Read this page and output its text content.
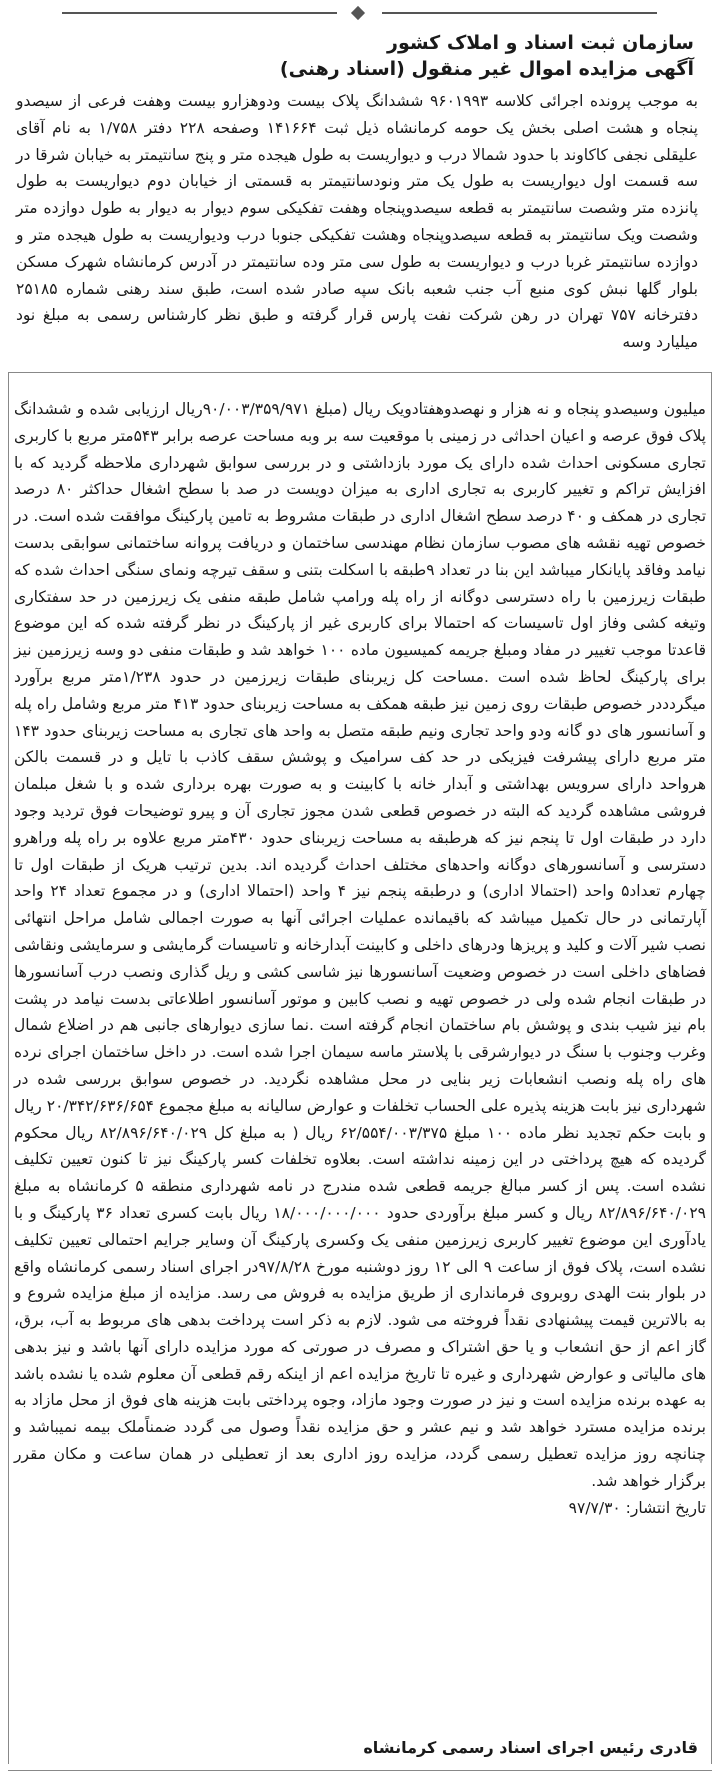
سازمان ثبت اسناد و املاک کشور
آگهی مزایده اموال غیر منقول (اسناد رهنی)

به موجب پرونده اجرائی کلاسه ۹۶۰۱۹۹۳ ششدانگ پلاک بیست ودوهزارو بیست وهفت فرعی از سیصدو پنجاه و هشت اصلی بخش یک حومه کرمانشاه ذیل ثبت ۱۴۱۶۶۴ وصفحه ۲۲۸ دفتر ۱/۷۵۸ به نام آقای علیقلی نجفی کاکاوند با حدود شمالا درب و دیواریست به طول هیجده متر و پنج سانتیمتر به خیابان شرقا در سه قسمت اول دیواریست به طول یک متر ونودسانتیمتر به قسمتی از خیابان دوم دیواریست به طول پانزده متر وشصت سانتیمتر به قطعه سیصدوپنجاه وهفت تفکیکی سوم دیوار به دیوار به طول دوازده متر وشصت ویک سانتیمتر به قطعه سیصدوپنجاه وهشت تفکیکی جنوبا درب ودیواریست به طول هیجده متر و دوازده سانتیمتر غربا درب و دیواریست به طول سی متر وده سانتیمتر در آدرس کرمانشاه شهرک مسکن بلوار گلها نبش کوی منبع آب جنب شعبه بانک سپه صادر شده است، طبق سند رهنی شماره ۲۵۱۸۵ دفترخانه ۷۵۷ تهران در رهن شرکت نفت پارس قرار گرفته و طبق نظر کارشناس رسمی به مبلغ نود میلیارد وسه

میلیون وسیصدو پنجاه و نه هزار و نهصدوهفتادویک ریال (مبلغ ۹۰/۰۰۳/۳۵۹/۹۷۱ریال ارزیابی شده و ششدانگ پلاک فوق عرصه و اعیان احداثی در زمینی با موقعیت سه بر وبه مساحت عرصه برابر ۵۴۳متر مربع با کاربری تجاری مسکونی احداث شده دارای یک مورد بازداشتی و در بررسی سوابق شهرداری ملاحظه گردید که با افزایش تراکم و تغییر کاربری به تجاری اداری به میزان دویست در صد با سطح اشغال حداکثر ۸۰ درصد تجاری در همکف و ۴۰ درصد سطح اشغال اداری در طبقات مشروط به تامین پارکینگ موافقت شده است. در خصوص تهیه نقشه های مصوب سازمان نظام مهندسی ساختمان و دریافت پروانه ساختمانی سوابقی بدست نیامد وفاقد پایانکار میباشد این بنا در تعداد ۹طبقه با اسکلت بتنی و سقف تیرچه ونمای سنگی احداث شده که طبقات زیرزمین با راه دسترسی دوگانه از راه پله ورامپ شامل طبقه منفی یک زیرزمین در حد سفتکاری وتیغه کشی وفاز اول تاسیسات که احتمالا برای کاربری غیر از پارکینگ در نظر گرفته شده که این موضوع قاعدتا موجب تغییر در مفاد ومبلغ جریمه کمیسیون ماده ۱۰۰ خواهد شد و طبقات منفی دو وسه زیرزمین نیز برای پارکینگ لحاظ شده است .مساحت کل زیربنای طبقات زیرزمین در حدود ۱/۲۳۸متر مربع برآورد میگردددر خصوص طبقات روی زمین نیز طبقه همکف به مساحت زیربنای حدود ۴۱۳ متر مربع وشامل راه پله و آسانسور های دو گانه ودو واحد تجاری ونیم طبقه متصل به واحد های تجاری به مساحت زیربنای حدود ۱۴۳ متر مربع دارای پیشرفت فیزیکی در حد کف سرامیک و پوشش سقف کاذب با تایل و در قسمت بالکن هرواحد دارای سرویس بهداشتی و آبدار خانه با کابینت و به صورت بهره برداری شده و با شغل مبلمان فروشی مشاهده گردید که البته در خصوص قطعی شدن مجوز تجاری آن و پیرو توضیحات فوق تردید وجود دارد در طبقات اول تا پنجم نیز که هرطبقه به مساحت زیربنای حدود ۴۳۰متر مربع علاوه بر راه پله وراهرو دسترسی و آسانسورهای دوگانه واحدهای مختلف احداث گردیده اند. بدین ترتیب هریک از طبقات اول تا چهارم تعداد۵ واحد (احتمالا اداری) و درطبقه پنجم نیز ۴ واحد (احتمالا اداری) و در مجموع تعداد ۲۴ واحد آپارتمانی در حال تکمیل میباشد که باقیمانده عملیات اجرائی آنها به صورت اجمالی شامل مراحل انتهائی نصب شیر آلات و کلید و پریزها ودرهای داخلی و کابینت آبدارخانه و تاسیسات گرمایشی و سرمایشی ونقاشی فضاهای داخلی است در خصوص وضعیت آسانسورها نیز شاسی کشی و ریل گذاری ونصب درب آسانسورها در طبقات انجام شده ولی در خصوص تهیه و نصب کابین و موتور آسانسور اطلاعاتی بدست نیامد در پشت بام نیز شیب بندی و پوشش بام ساختمان انجام گرفته است .نما سازی دیوارهای جانبی هم در اضلاع شمال وغرب وجنوب با سنگ در دیوارشرقی با پلاستر ماسه سیمان اجرا شده است. در داخل ساختمان اجرای نرده های راه پله ونصب انشعابات زیر بنایی در محل مشاهده نگردید. در خصوص سوابق بررسی شده در شهرداری نیز بابت هزینه پذیره علی الحساب تخلفات و عوارض سالیانه به مبلغ مجموع ۲۰/۳۴۲/۶۳۶/۶۵۴ ریال و بابت حکم تجدید نظر ماده ۱۰۰ مبلغ ۶۲/۵۵۴/۰۰۳/۳۷۵ ریال ( به مبلغ کل ۸۲/۸۹۶/۶۴۰/۰۲۹ ریال محکوم گردیده که هیچ پرداختی در این زمینه نداشته است. بعلاوه تخلفات کسر پارکینگ نیز تا کنون تعیین تکلیف نشده است. پس از کسر مبالغ جریمه قطعی شده مندرج در نامه شهرداری منطقه ۵ کرمانشاه به مبلغ ۸۲/۸۹۶/۶۴۰/۰۲۹ ریال و کسر مبلغ برآوردی حدود ۱۸/۰۰۰/۰۰۰/۰۰۰ ریال بابت کسری تعداد ۳۶ پارکینگ و با یادآوری این موضوع تغییر کاربری زیرزمین منفی یک وکسری پارکینگ آن وسایر جرایم احتمالی تعیین تکلیف نشده است، پلاک فوق از ساعت ۹ الی ۱۲ روز دوشنبه مورخ ۹۷/۸/۲۸در اجرای اسناد رسمی کرمانشاه واقع در بلوار بنت الهدی روبروی فرمانداری از طریق مزایده به فروش می رسد. مزایده از مبلغ مزایده شروع و به بالاترین قیمت پیشنهادی نقداً فروخته می شود. لازم به ذکر است پرداخت بدهی های مربوط به آب، برق، گاز اعم از حق انشعاب و یا حق اشتراک و مصرف در صورتی که مورد مزایده دارای آنها باشد و نیز بدهی های مالیاتی و عوارض شهرداری و غیره تا تاریخ مزایده اعم از اینکه رقم قطعی آن معلوم شده یا نشده باشد به عهده برنده مزایده است و نیز در صورت وجود مازاد، وجوه پرداختی بابت هزینه های فوق از محل مازاد به برنده مزایده مسترد خواهد شد و نیم عشر و حق مزایده نقداً وصول می گردد ضمناًملک بیمه نمیباشد و چنانچه روز مزایده تعطیل رسمی گردد، مزایده روز اداری بعد از تعطیلی در همان ساعت و مکان مقرر برگزار خواهد شد.

تاریخ انتشار: ۹۷/۷/۳۰

قادری رئیس اجرای اسناد رسمی کرمانشاه
